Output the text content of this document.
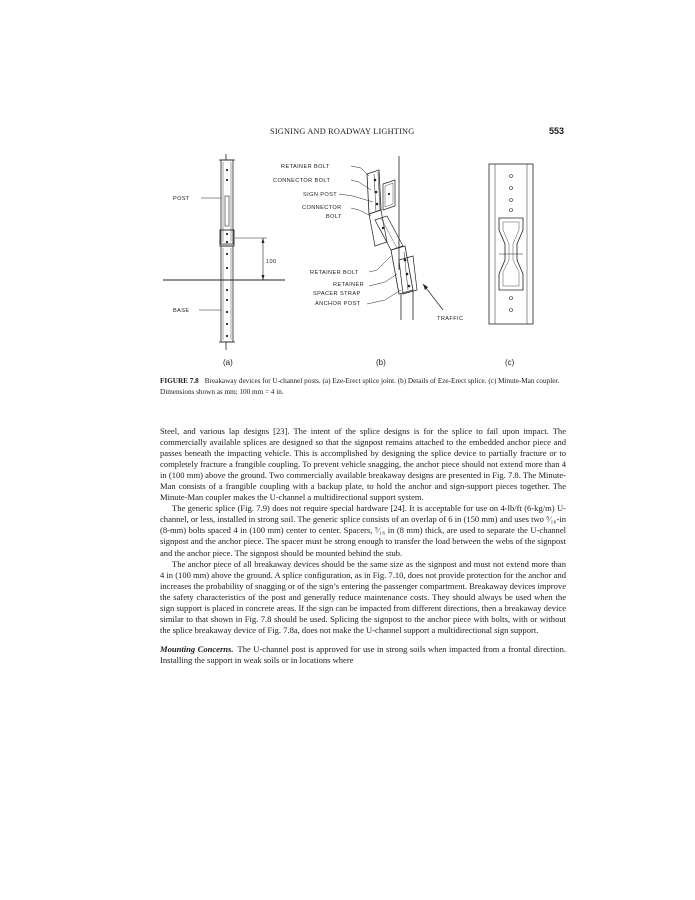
SIGNING AND ROADWAY LIGHTING	553
POST
BASE
100
(a)
RETAINER BOLT
CONNECTOR BOLT
SIGN POST
CONNECTOR
BOLT
RETAINER BOLT
RETAINER
SPACER STRAP
ANCHOR POST
TRAFFIC
(b)	(c)
FIGURE 7.8 Breakaway devices for U-channel posts. (a) Eze-Erect splice joint. (b) Details of Eze-Erect splice. (c) Minute-Man coupler. Dimensions shown as mm; 100 mm = 4 in.

Steel, and various lap designs [23]. The intent of the splice designs is for the splice to fail upon impact. The commercially available splices are designed so that the signpost remains attached to the embedded anchor piece and passes beneath the impacting vehicle. This is accomplished by designing the splice device to partially fracture or to completely fracture a frangible coupling. To prevent vehicle snagging, the anchor piece should not extend more than 4 in (100 mm) above the ground. Two commercially available breakaway designs are presented in Fig. 7.8. The Minute-Man consists of a frangible coupling with a backup plate, to hold the anchor and sign-support pieces together. The Minute-Man coupler makes the U-channel a multidirectional support system.

The generic splice (Fig. 7.9) does not require special hardware [24]. It is acceptable for use on 4-lb/ft (6-kg/m) U-channel, or less, installed in strong soil. The generic splice consists of an overlap of 6 in (150 mm) and uses two ⁵⁄₁₆-in (8-mm) bolts spaced 4 in (100 mm) center to center. Spacers, ⁵⁄₁₆ in (8 mm) thick, are used to separate the U-channel signpost and the anchor piece. The spacer must be strong enough to transfer the load between the webs of the signpost and the anchor piece. The signpost should be mounted behind the stub.

The anchor piece of all breakaway devices should be the same size as the signpost and must not extend more than 4 in (100 mm) above the ground. A splice configuration, as in Fig. 7.10, does not provide protection for the anchor and increases the probability of snagging or of the sign’s entering the passenger compartment. Breakaway devices improve the safety characteristics of the post and generally reduce maintenance costs. They should always be used when the sign support is placed in concrete areas. If the sign can be impacted from different directions, then a breakaway device similar to that shown in Fig. 7.8 should be used. Splicing the signpost to the anchor piece with bolts, with or without the splice breakaway device of Fig. 7.8a, does not make the U-channel support a multidirectional sign support.

Mounting Concerns. The U-channel post is approved for use in strong soils when impacted from a frontal direction. Installing the support in weak soils or in locations where
